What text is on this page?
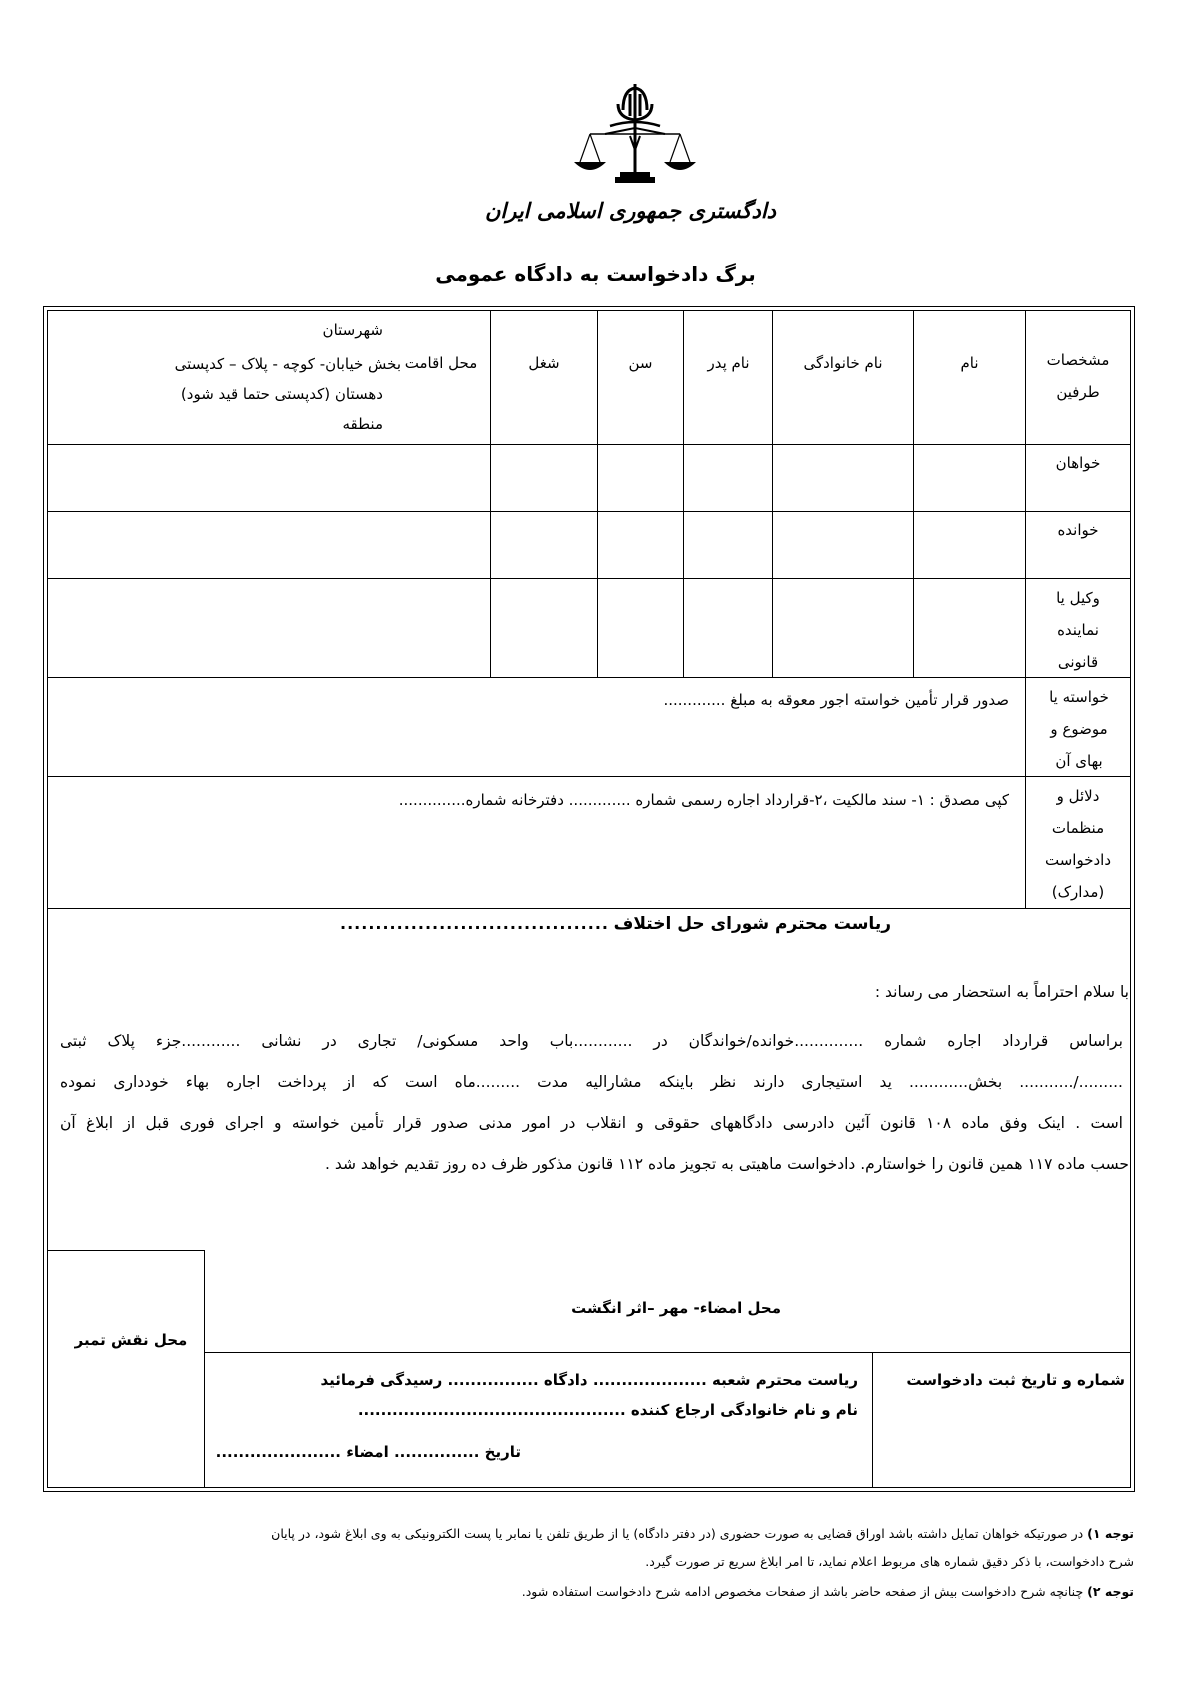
دادگستری جمهوری اسلامی ایران
برگ دادخواست به دادگاه عمومی
مشخصات طرفین
نام
نام خانوادگی
نام پدر
سن
شغل
محل اقامت
شهرستان
بخش خیابان- کوچه - پلاک – کدپستی
دهستان (کدپستی حتما قید شود)
منطقه
خواهان
خوانده
وکیل یا نماینده قانونی
خواسته یا موضوع و بهای آن
صدور قرار تأمین خواسته اجور معوقه به مبلغ .............
دلائل و منظمات دادخواست (مدارک)
کپی مصدق : ۱- سند مالکیت ،۲-قرارداد اجاره رسمی شماره ............. دفترخانه شماره..............
ریاست محترم شورای حل اختلاف
......................................
با سلام احتراماً به استحضار می رساند :
براساس قرارداد اجاره شماره ..............خوانده/خواندگان در ............باب واحد مسکونی/ تجاری در نشانی ............جزء پلاک ثبتی
........./........... بخش............ ید استیجاری دارند نظر باینکه مشارالیه مدت .........ماه است که از پرداخت اجاره بهاء خودداری نموده
است . اینک وفق ماده ۱۰۸ قانون آئین دادرسی دادگاههای حقوقی و انقلاب در امور مدنی صدور قرار تأمین خواسته و اجرای فوری قبل از ابلاغ آن
حسب ماده ۱۱۷ همین قانون را خواستارم. دادخواست ماهیتی به تجویز ماده ۱۱۲ قانون مذکور ظرف ده روز تقدیم خواهد شد .
محل نقش تمبر
محل امضاء- مهر –اثر انگشت
شماره و تاریخ ثبت دادخواست
ریاست محترم شعبه .................... دادگاه ................ رسیدگی فرمائید
نام و نام خانوادگی ارجاع کننده ...............................................
تاریخ ............... امضاء ......................
توجه ۱) در صورتیکه خواهان تمایل داشته باشد اوراق قضایی به صورت حضوری (در دفتر دادگاه) یا از طریق تلفن یا نمابر یا پست الکترونیکی به وی ابلاغ شود، در پایان
شرح دادخواست، با ذکر دقیق شماره های مربوط اعلام نماید، تا امر ابلاغ سریع تر صورت گیرد.
توجه ۲) چنانچه شرح دادخواست بیش از صفحه حاضر باشد از صفحات مخصوص ادامه شرح دادخواست استفاده شود.
